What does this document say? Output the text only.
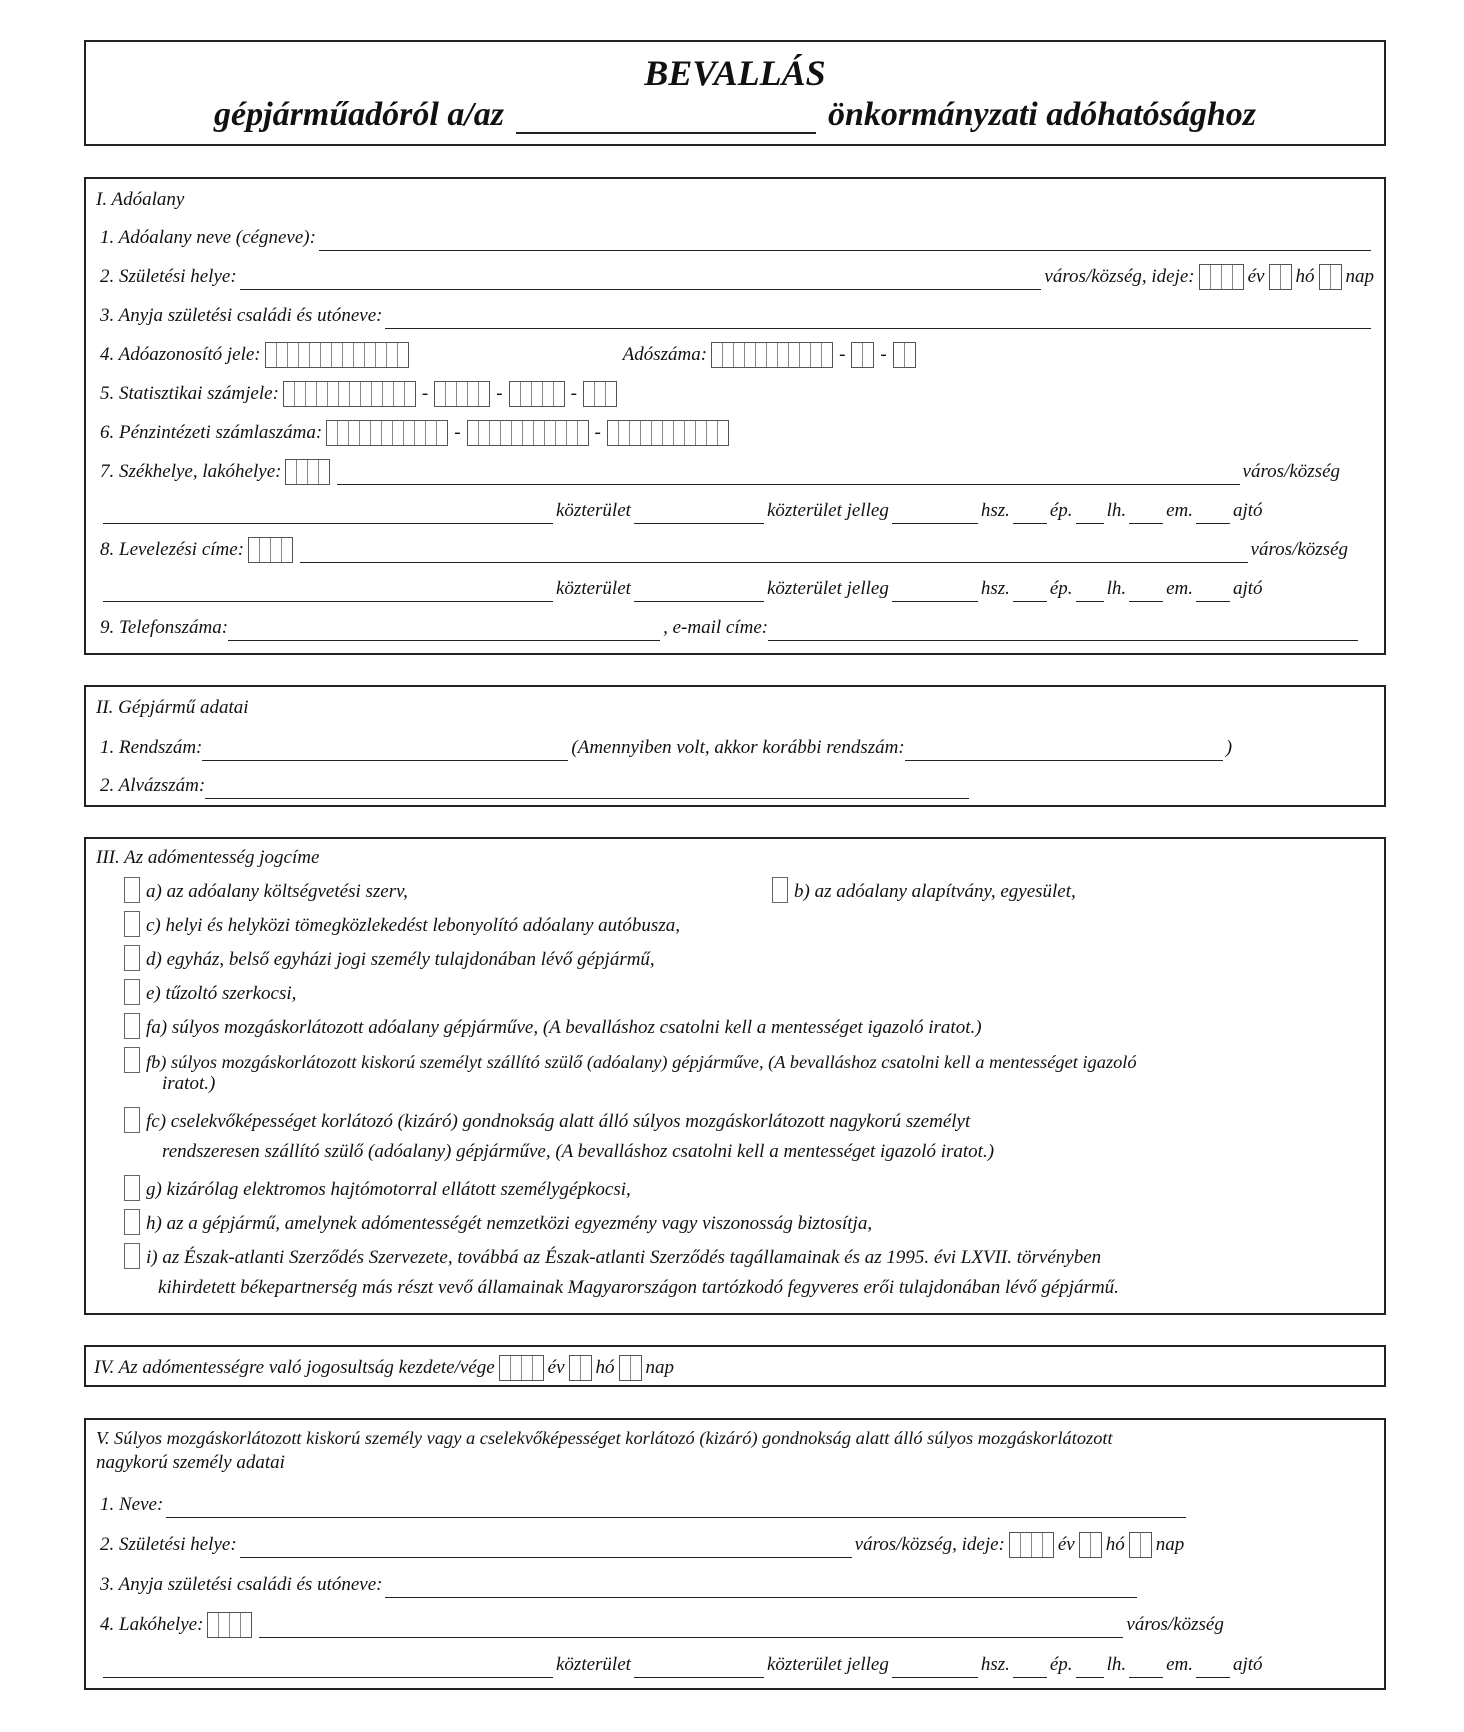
BEVALLÁS
gépjárműadóról a/az	önkormányzati adóhatósághoz
I. Adóalany
1. Adóalany neve (cégneve):
2. Születési helye:	város/község, ideje:	év hó nap
3. Anyja születési családi és utóneve:
4. Adóazonosító jele:	Adószáma:	- -
5. Statisztikai számjele:	-	-	-
6. Pénzintézeti számlaszáma:	-	-
7. Székhelye, lakóhelye:	város/község
közterület	közterület jelleg	hsz. ép. lh. em. ajtó
8. Levelezési címe:	város/község
közterület	közterület jelleg	hsz. ép. lh. em. ajtó
9. Telefonszáma:	, e-mail címe:
II. Gépjármű adatai
1. Rendszám:	(Amennyiben volt, akkor korábbi rendszám:	)
2. Alvázszám:
III. Az adómentesség jogcíme
a) az adóalany költségvetési szerv,	b) az adóalany alapítvány, egyesület,
c) helyi és helyközi tömegközlekedést lebonyolító adóalany autóbusza,
d) egyház, belső egyházi jogi személy tulajdonában lévő gépjármű,
e) tűzoltó szerkocsi,
fa) súlyos mozgáskorlátozott adóalany gépjárműve, (A bevalláshoz csatolni kell a mentességet igazoló iratot.)
fb) súlyos mozgáskorlátozott kiskorú személyt szállító szülő (adóalany) gépjárműve, (A bevalláshoz csatolni kell a mentességet igazoló
iratot.)
fc) cselekvőképességet korlátozó (kizáró) gondnokság alatt álló súlyos mozgáskorlátozott nagykorú személyt
rendszeresen szállító szülő (adóalany) gépjárműve, (A bevalláshoz csatolni kell a mentességet igazoló iratot.)
g) kizárólag elektromos hajtómotorral ellátott személygépkocsi,
h) az a gépjármű, amelynek adómentességét nemzetközi egyezmény vagy viszonosság biztosítja,
i) az Észak-atlanti Szerződés Szervezete, továbbá az Észak-atlanti Szerződés tagállamainak és az 1995. évi LXVII. törvényben
kihirdetett békepartnerség más részt vevő államainak Magyarországon tartózkodó fegyveres erői tulajdonában lévő gépjármű.
IV. Az adómentességre való jogosultság kezdete/vége	év hó nap
V. Súlyos mozgáskorlátozott kiskorú személy vagy a cselekvőképességet korlátozó (kizáró) gondnokság alatt álló súlyos mozgáskorlátozott
nagykorú személy adatai
1. Neve:
2. Születési helye:	város/község, ideje:	év hó nap
3. Anyja születési családi és utóneve:
4. Lakóhelye:	város/község
közterület	közterület jelleg	hsz. ép. lh. em. ajtó
